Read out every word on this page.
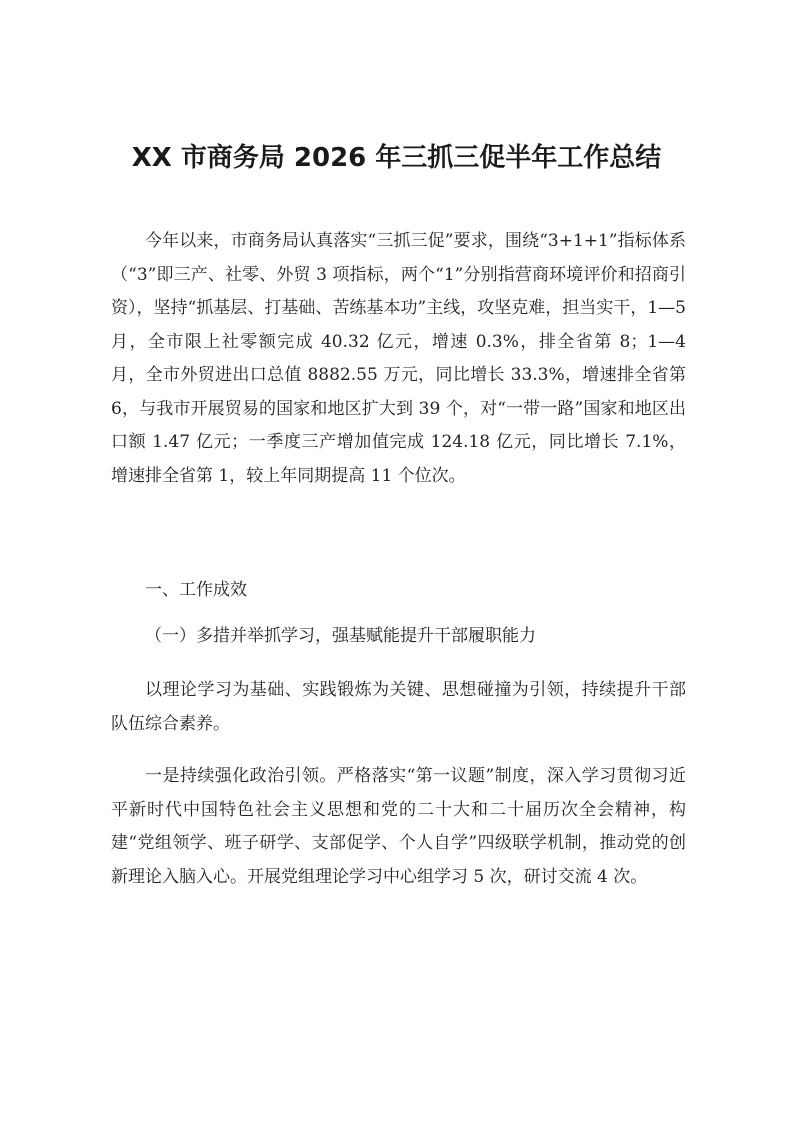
XX 市商务局 2026 年三抓三促半年工作总结

今年以来，市商务局认真落实“三抓三促”要求，围绕“3+1+1”指标体系（“3”即三产、社零、外贸 3 项指标，两个“1”分别指营商环境评价和招商引资），坚持“抓基层、打基础、苦练基本功”主线，攻坚克难，担当实干，1—5 月，全市限上社零额完成 40.32 亿元，增速 0.3%，排全省第 8；1—4 月，全市外贸进出口总值 8882.55 万元，同比增长 33.3%，增速排全省第 6，与我市开展贸易的国家和地区扩大到 39 个，对“一带一路”国家和地区出口额 1.47 亿元；一季度三产增加值完成 124.18 亿元，同比增长 7.1%，增速排全省第 1，较上年同期提高 11 个位次。

一、工作成效

（一）多措并举抓学习，强基赋能提升干部履职能力

以理论学习为基础、实践锻炼为关键、思想碰撞为引领，持续提升干部队伍综合素养。

一是持续强化政治引领。严格落实“第一议题”制度，深入学习贯彻习近平新时代中国特色社会主义思想和党的二十大和二十届历次全会精神，构建“党组领学、班子研学、支部促学、个人自学”四级联学机制，推动党的创新理论入脑入心。开展党组理论学习中心组学习 5 次，研讨交流 4 次。
